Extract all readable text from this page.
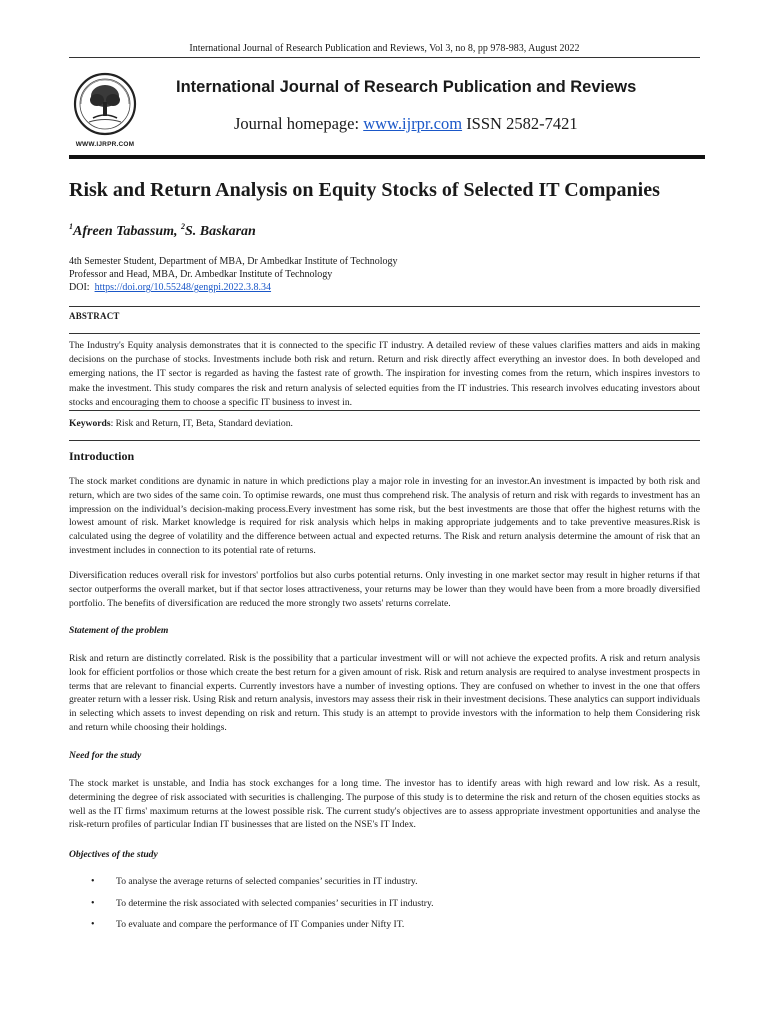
International Journal of Research Publication and Reviews, Vol 3, no 8, pp 978-983, August 2022
WWW.IJRPR.COM
International Journal of Research Publication and Reviews
Journal homepage: www.ijrpr.com ISSN 2582-7421
Risk and Return Analysis on Equity Stocks of Selected IT Companies
$^1$Afreen Tabassum, $^2$S. Baskaran
4th Semester Student, Department of MBA, Dr Ambedkar Institute of Technology
Professor and Head, MBA, Dr. Ambedkar Institute of Technology
DOI: https://doi.org/10.55248/gengpi.2022.3.8.34
ABSTRACT
The Industry's Equity analysis demonstrates that it is connected to the specific IT industry. A detailed review of these values clarifies matters and aids in making decisions on the purchase of stocks. Investments include both risk and return. Return and risk directly affect everything an investor does. In both developed and emerging nations, the IT sector is regarded as having the fastest rate of growth. The inspiration for investing comes from the return, which inspires investors to make the investment. This study compares the risk and return analysis of selected equities from the IT industries. This research involves educating investors about stocks and encouraging them to choose a specific IT business to invest in.
Keywords: Risk and Return, IT, Beta, Standard deviation.
Introduction
The stock market conditions are dynamic in nature in which predictions play a major role in investing for an investor.An investment is impacted by both risk and return, which are two sides of the same coin. To optimise rewards, one must thus comprehend risk. The analysis of return and risk with regards to investment has an impression on the individual’s decision-making process.Every investment has some risk, but the best investments are those that offer the highest returns with the lowest amount of risk. Market knowledge is required for risk analysis which helps in making appropriate judgements and to take preventive measures.Risk is calculated using the degree of volatility and the difference between actual and expected returns. The Risk and return analysis determine the amount of risk that an investment includes in connection to its potential rate of returns.
Diversification reduces overall risk for investors' portfolios but also curbs potential returns. Only investing in one market sector may result in higher returns if that sector outperforms the overall market, but if that sector loses attractiveness, your returns may be lower than they would have been from a more broadly diversified portfolio. The benefits of diversification are reduced the more strongly two assets' returns correlate.
Statement of the problem
Risk and return are distinctly correlated. Risk is the possibility that a particular investment will or will not achieve the expected profits. A risk and return analysis look for efficient portfolios or those which create the best return for a given amount of risk. Risk and return analysis are required to analyse investment prospects in terms that are relevant to financial experts. Currently investors have a number of investing options. They are confused on whether to invest in the one that offers greater return with a lesser risk. Using Risk and return analysis, investors may assess their risk in their investment decisions. These analytics can support individuals in selecting which assets to invest depending on risk and return. This study is an attempt to provide investors with the information to help them Considering risk and return while choosing their holdings.
Need for the study
The stock market is unstable, and India has stock exchanges for a long time. The investor has to identify areas with high reward and low risk. As a result, determining the degree of risk associated with securities is challenging. The purpose of this study is to determine the risk and return of the chosen equities stocks as well as the IT firms' maximum returns at the lowest possible risk. The current study's objectives are to assess appropriate investment opportunities and analyse the risk-return profiles of particular Indian IT businesses that are listed on the NSE's IT Index.
Objectives of the study
• To analyse the average returns of selected companies’ securities in IT industry.
• To determine the risk associated with selected companies’ securities in IT industry.
• To evaluate and compare the performance of IT Companies under Nifty IT.
